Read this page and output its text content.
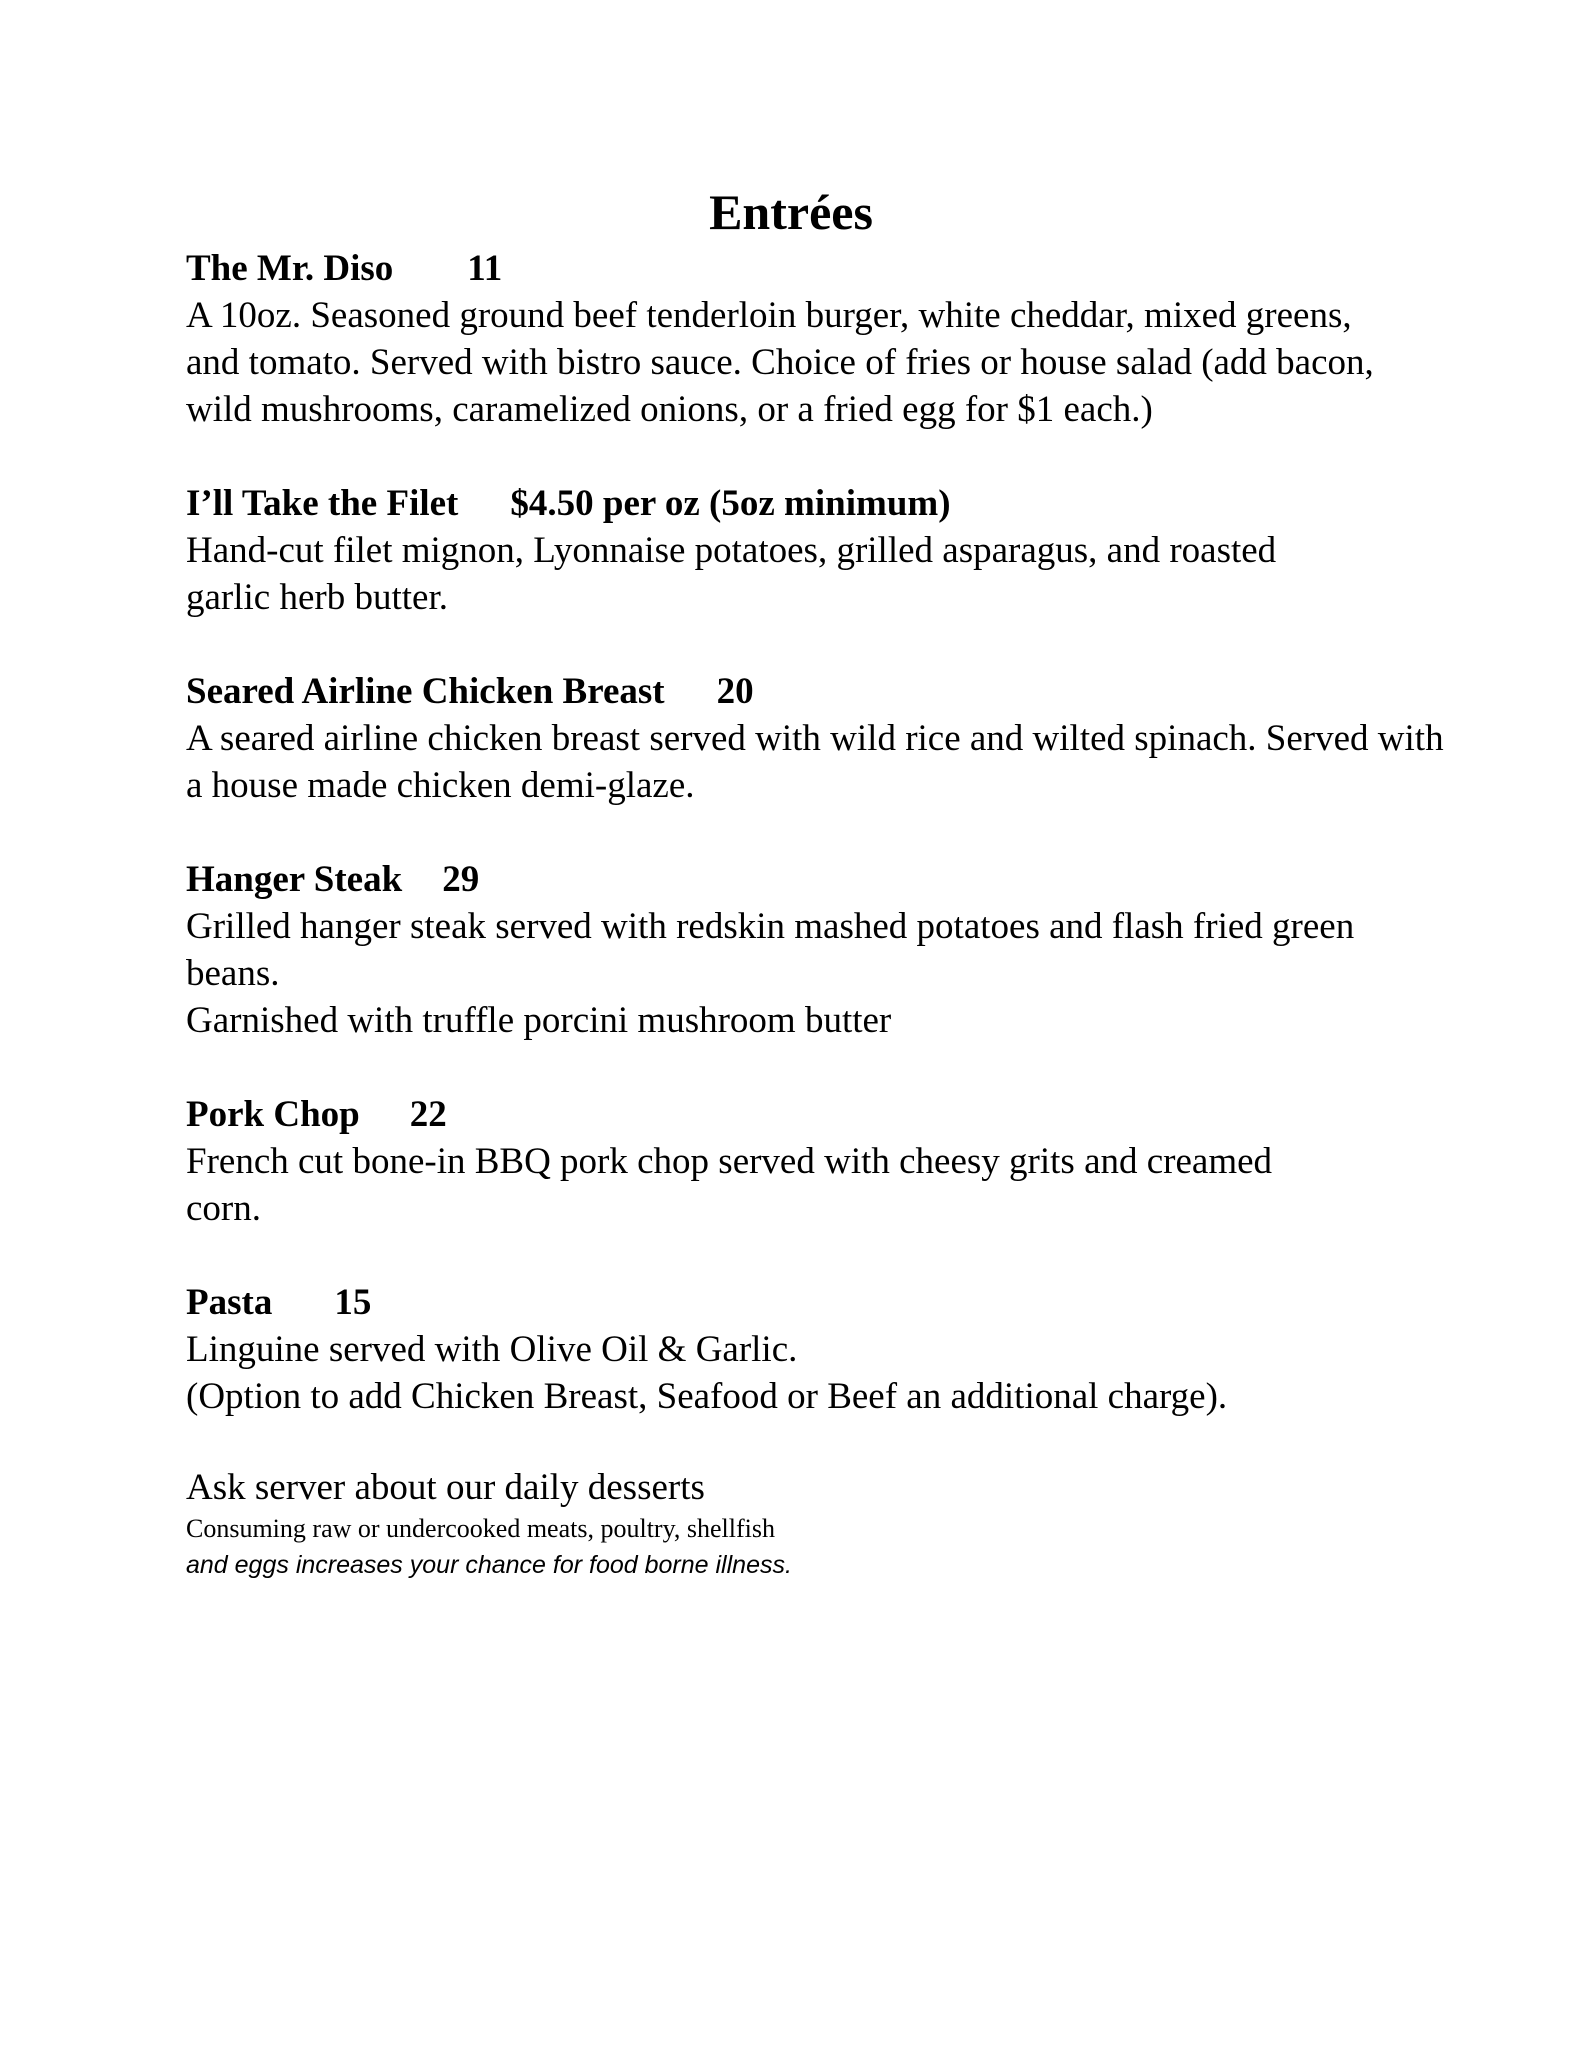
Entrées
The Mr. Diso 11

A 10oz. Seasoned ground beef tenderloin burger, white cheddar, mixed greens, and tomato. Served with bistro sauce. Choice of fries or house salad (add bacon, wild mushrooms, caramelized onions, or a fried egg for $1 each.)

I’ll Take the Filet $4.50 per oz (5oz minimum)

Hand-cut filet mignon, Lyonnaise potatoes, grilled asparagus, and roasted garlic herb butter.

Seared Airline Chicken Breast 20

A seared airline chicken breast served with wild rice and wilted spinach. Served with a house made chicken demi-glaze.

Hanger Steak 29

Grilled hanger steak served with redskin mashed potatoes and flash fried green beans.

Garnished with truffle porcini mushroom butter

Pork Chop 22

French cut bone-in BBQ pork chop served with cheesy grits and creamed corn.

Pasta 15

Linguine served with Olive Oil & Garlic.

(Option to add Chicken Breast, Seafood or Beef an additional charge).

Ask server about our daily desserts

Consuming raw or undercooked meats, poultry, shellfish

and eggs increases your chance for food borne illness.
